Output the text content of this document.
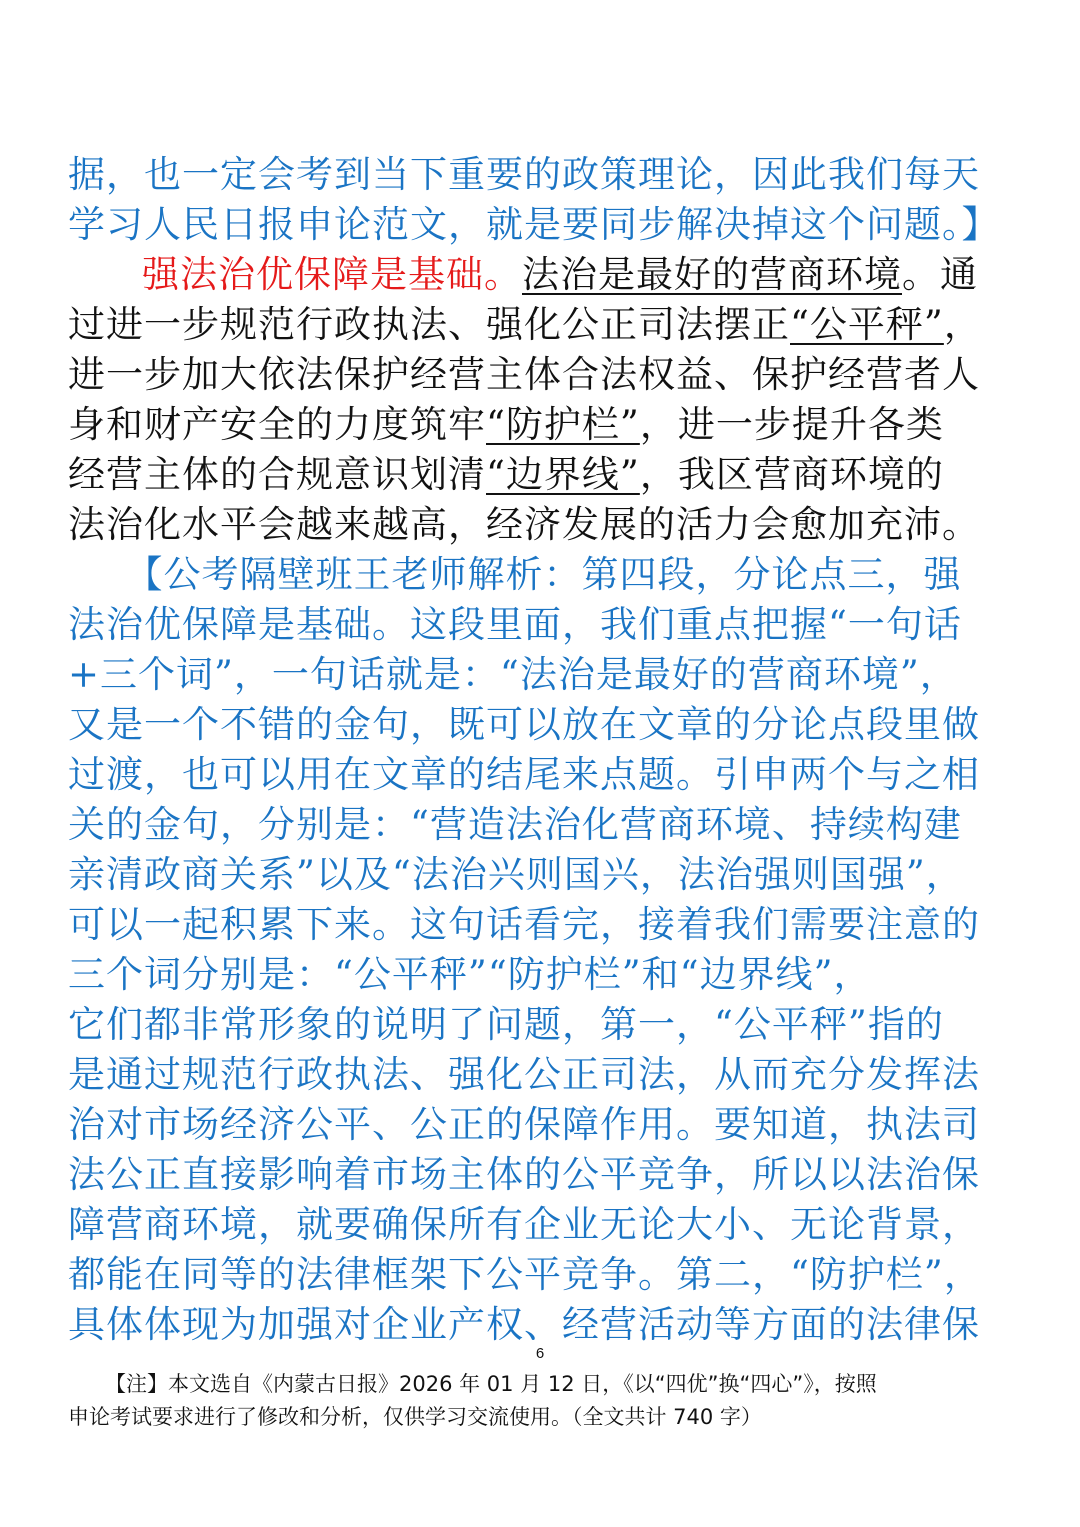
据，也一定会考到当下重要的政策理论，因此我们每天
学习人民日报申论范文，就是要同步解决掉这个问题。】
强法治优保障是基础。法治是最好的营商环境。通
过进一步规范行政执法、强化公正司法摆正“公平秤”，
进一步加大依法保护经营主体合法权益、保护经营者人
身和财产安全的力度筑牢“防护栏”，进一步提升各类
经营主体的合规意识划清“边界线”，我区营商环境的
法治化水平会越来越高，经济发展的活力会愈加充沛。
　　【公考隔壁班王老师解析：第四段，分论点三，强
法治优保障是基础。这段里面，我们重点把握“一句话
+三个词”，一句话就是：“法治是最好的营商环境”，
又是一个不错的金句，既可以放在文章的分论点段里做
过渡，也可以用在文章的结尾来点题。引申两个与之相
关的金句，分别是：“营造法治化营商环境、持续构建
亲清政商关系”以及“法治兴则国兴，法治强则国强”，
可以一起积累下来。这句话看完，接着我们需要注意的
三个词分别是：“公平秤”“防护栏”和“边界线”，
它们都非常形象的说明了问题，第一，“公平秤”指的
是通过规范行政执法、强化公正司法，从而充分发挥法
治对市场经济公平、公正的保障作用。要知道，执法司
法公正直接影响着市场主体的公平竞争，所以以法治保
障营商环境，就要确保所有企业无论大小、无论背景，
都能在同等的法律框架下公平竞争。第二，“防护栏”，
具体体现为加强对企业产权、经营活动等方面的法律保
6
【注】本文选自《内蒙古日报》2026 年 01 月 12 日，《以“四优”换“四心”》，按照
申论考试要求进行了修改和分析，仅供学习交流使用。（全文共计 740 字）
